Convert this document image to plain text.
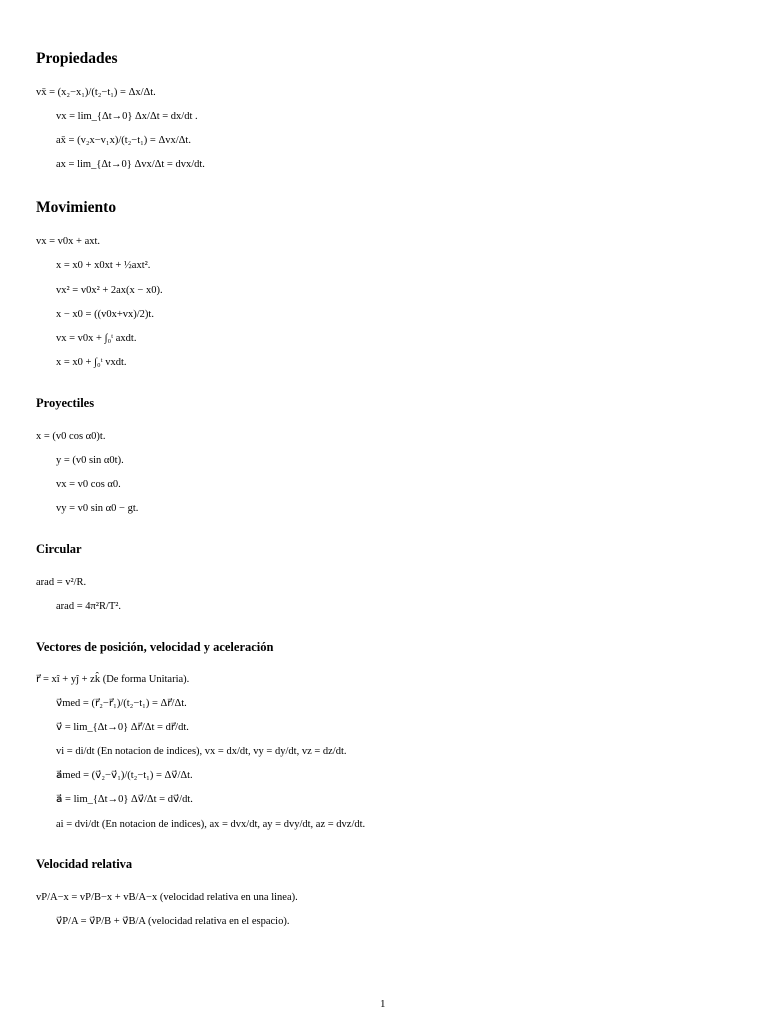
Propiedades
vx̄ = (x₂−x₁)/(t₂−t₁) = Δx/Δt.
vx = lim_{Δt→0} Δx/Δt = dx/dt .
ax̄ = (v₂x−v₁x)/(t₂−t₁) = Δvx/Δt.
ax = lim_{Δt→0} Δvx/Δt = dvx/dt.
Movimiento
vx = v0x + axt.
x = x0 + x0xt + ½axt².
vx² = v0x² + 2ax(x − x0).
x − x0 = ((v0x+vx)/2)t.
vx = v0x + ∫₀ᵗ axdt.
x = x0 + ∫₀ᵗ vxdt.
Proyectiles
x = (v0 cos α0)t.
y = (v0 sin α0t).
vx = v0 cos α0.
vy = v0 sin α0 − gt.
Circular
arad = v²/R.
arad = 4π²R/T².
Vectores de posición, velocidad y aceleración
r⃗ = xî + yĵ + zk̂ (De forma Unitaria).
v⃗med = (r⃗₂−r⃗₁)/(t₂−t₁) = Δr⃗/Δt.
v⃗ = lim_{Δt→0} Δr⃗/Δt = dr⃗/dt.
vi = di/dt (En notacion de indices), vx = dx/dt, vy = dy/dt, vz = dz/dt.
a⃗med = (v⃗₂−v⃗₁)/(t₂−t₁) = Δv⃗/Δt.
a⃗ = lim_{Δt→0} Δv⃗/Δt = dv⃗/dt.
ai = dvi/dt (En notacion de indices), ax = dvx/dt, ay = dvy/dt, az = dvz/dt.
Velocidad relativa
vP/A−x = vP/B−x + vB/A−x (velocidad relativa en una linea).
v⃗P/A = v⃗P/B + v⃗B/A (velocidad relativa en el espacio).
1
